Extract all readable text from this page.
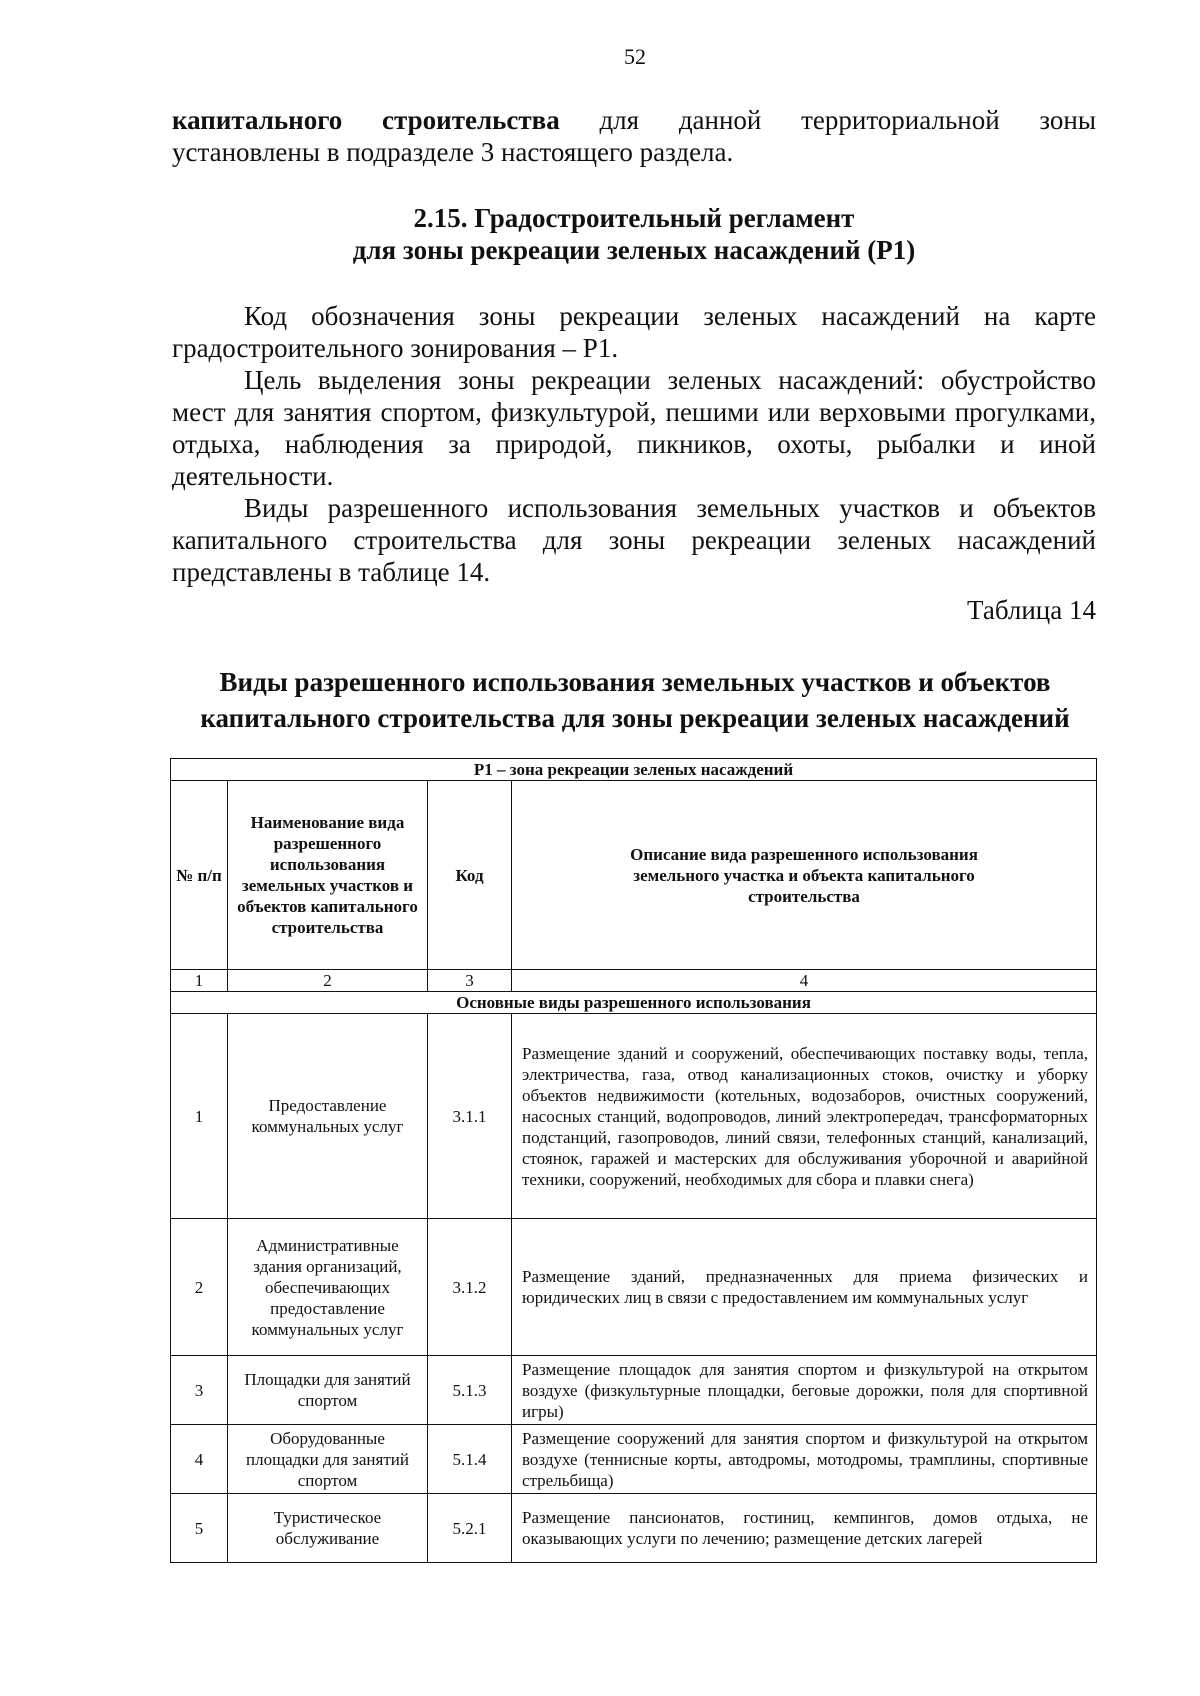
52

капитального строительства для данной территориальной зоны

установлены в подразделе 3 настоящего раздела.

2.15. Градостроительный регламент

для зоны рекреации зеленых насаждений (Р1)

Код обозначения зоны рекреации зеленых насаждений на карте градостроительного зонирования – Р1.

Цель выделения зоны рекреации зеленых насаждений: обустройство мест для занятия спортом, физкультурой, пешими или верховыми прогулками, отдыха, наблюдения за природой, пикников, охоты, рыбалки и иной деятельности.

Виды разрешенного использования земельных участков и объектов капитального строительства для зоны рекреации зеленых насаждений представлены в таблице 14.

Таблица 14

Виды разрешенного использования земельных участков и объектов

капитального строительства для зоны рекреации зеленых насаждений

Р1 – зона рекреации зеленых насаждений			
№ п/п	Наименование вида разрешенного использования земельных участков и объектов капитального строительства	Код	Описание вида разрешенного использования земельного участка и объекта капитального строительства
1	2	3	4
Основные виды разрешенного использования			
1	Предоставление коммунальных услуг	3.1.1	Размещение зданий и сооружений, обеспечивающих поставку воды, тепла, электричества, газа, отвод канализационных стоков, очистку и уборку объектов недвижимости (котельных, водозаборов, очистных сооружений, насосных станций, водопроводов, линий электропередач, трансформаторных подстанций, газопроводов, линий связи, телефонных станций, канализаций, стоянок, гаражей и мастерских для обслуживания уборочной и аварийной техники, сооружений, необходимых для сбора и плавки снега)
2	Административные здания организаций, обеспечивающих предоставление коммунальных услуг	3.1.2	Размещение зданий, предназначенных для приема физических и юридических лиц в связи с предоставлением им коммунальных услуг
3	Площадки для занятий спортом	5.1.3	Размещение площадок для занятия спортом и физкультурой на открытом воздухе (физкультурные площадки, беговые дорожки, поля для спортивной игры)
4	Оборудованные площадки для занятий спортом	5.1.4	Размещение сооружений для занятия спортом и физкультурой на открытом воздухе (теннисные корты, автодромы, мотодромы, трамплины, спортивные стрельбища)
5	Туристическое обслуживание	5.2.1	Размещение пансионатов, гостиниц, кемпингов, домов отдыха, не оказывающих услуги по лечению; размещение детских лагерей
